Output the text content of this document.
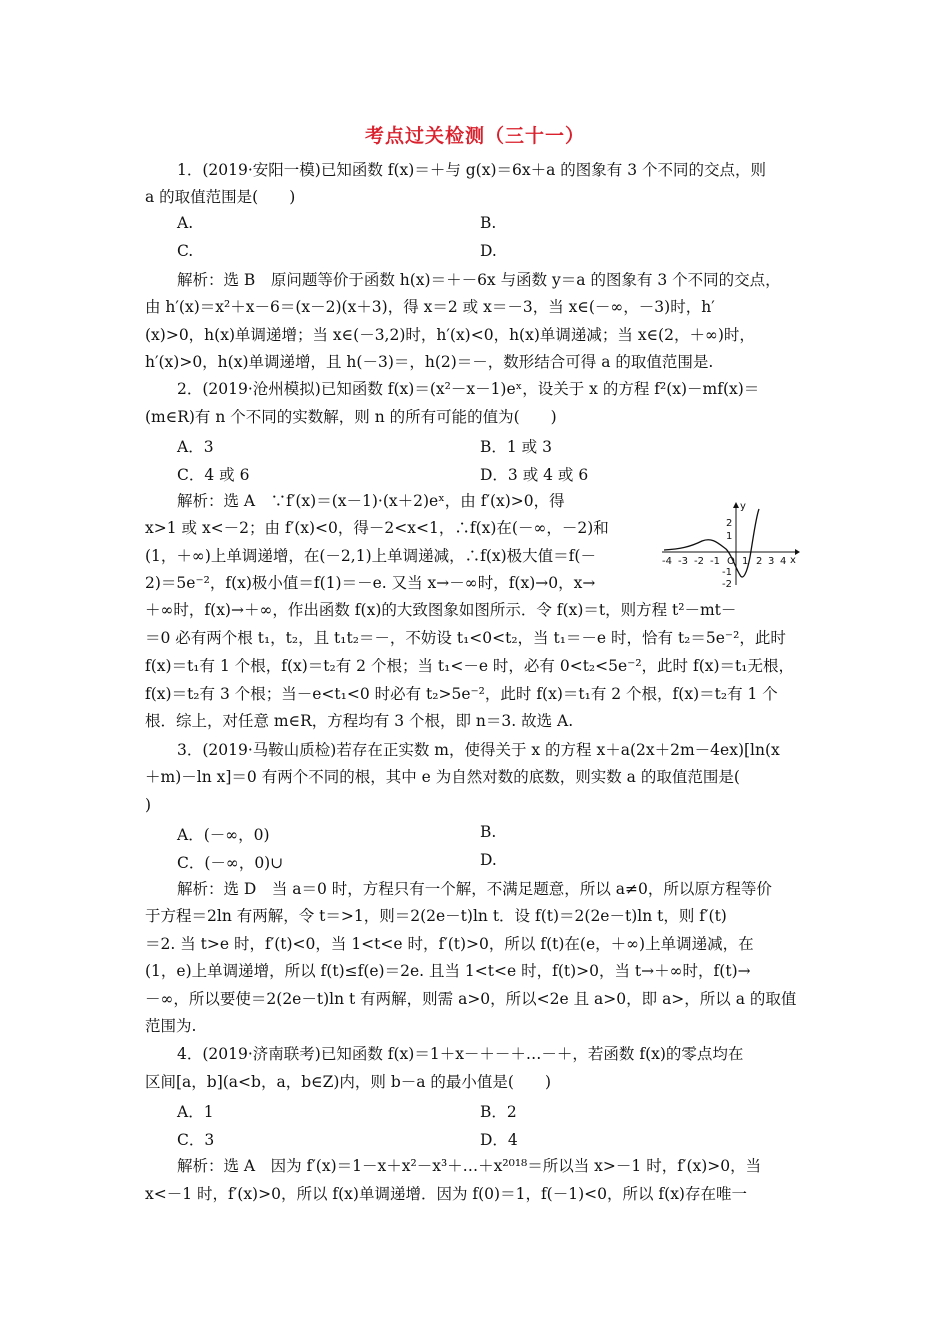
考点过关检测（三十一）
1．(2019·安阳一模)已知函数 f(x)＝＋与 g(x)＝6x＋a 的图象有 3 个不同的交点，则
a 的取值范围是(　　)
A.	B.
C.	D.
解析：选 B　原问题等价于函数 h(x)＝＋－6x 与函数 y＝a 的图象有 3 个不同的交点，
由 h′(x)＝x²＋x－6＝(x－2)(x＋3)，得 x＝2 或 x＝－3，当 x∈(－∞，－3)时，h′
(x)>0，h(x)单调递增；当 x∈(－3,2)时，h′(x)<0，h(x)单调递减；当 x∈(2，＋∞)时，
h′(x)>0，h(x)单调递增，且 h(－3)＝，h(2)＝－，数形结合可得 a 的取值范围是.
2．(2019·沧州模拟)已知函数 f(x)＝(x²－x－1)eˣ，设关于 x 的方程 f²(x)－mf(x)＝
(m∈R)有 n 个不同的实数解，则 n 的所有可能的值为(　　)
A．3	B．1 或 3
C．4 或 6	D．3 或 4 或 6
解析：选 A　∵f′(x)＝(x－1)·(x＋2)eˣ，由 f′(x)>0，得
x>1 或 x<－2；由 f′(x)<0，得－2<x<1，∴f(x)在(－∞，－2)和
(1，＋∞)上单调递增，在(－2,1)上单调递减，∴f(x)极大值＝f(－
2)＝5e⁻²，f(x)极小值＝f(1)＝－e. 又当 x→－∞时，f(x)→0，x→
-4 -3 -2 -1 O 1 2 3 4 x
2
1
-1
-2
y
＋∞时，f(x)→＋∞，作出函数 f(x)的大致图象如图所示．令 f(x)＝t，则方程 t²－mt－
＝0 必有两个根 t₁，t₂，且 t₁t₂＝－，不妨设 t₁<0<t₂，当 t₁＝－e 时，恰有 t₂＝5e⁻²，此时
f(x)＝t₁有 1 个根，f(x)＝t₂有 2 个根；当 t₁<－e 时，必有 0<t₂<5e⁻²，此时 f(x)＝t₁无根，
f(x)＝t₂有 3 个根；当－e<t₁<0 时必有 t₂>5e⁻²，此时 f(x)＝t₁有 2 个根，f(x)＝t₂有 1 个
根．综上，对任意 m∈R，方程均有 3 个根，即 n＝3. 故选 A.
3．(2019·马鞍山质检)若存在正实数 m，使得关于 x 的方程 x＋a(2x＋2m－4ex)[ln(x
＋m)－ln x]＝0 有两个不同的根，其中 e 为自然对数的底数，则实数 a 的取值范围是(
)
A．(－∞，0)	B.
C．(－∞，0)∪	D.
解析：选 D　当 a＝0 时，方程只有一个解，不满足题意，所以 a≠0，所以原方程等价
于方程＝2ln 有两解，令 t＝>1，则＝2(2e－t)ln t．设 f(t)＝2(2e－t)ln t，则 f′(t)
＝2. 当 t>e 时，f′(t)<0，当 1<t<e 时，f′(t)>0，所以 f(t)在(e，＋∞)上单调递减，在
(1，e)上单调递增，所以 f(t)≤f(e)＝2e. 且当 1<t<e 时，f(t)>0，当 t→＋∞时，f(t)→
－∞，所以要使＝2(2e－t)ln t 有两解，则需 a>0，所以<2e 且 a>0，即 a>，所以 a 的取值
范围为.
4．(2019·济南联考)已知函数 f(x)＝1＋x－＋－＋…－＋，若函数 f(x)的零点均在
区间[a，b](a<b，a，b∈Z)内，则 b－a 的最小值是(　　)
A．1	B．2
C．3	D．4
解析：选 A　因为 f′(x)＝1－x＋x²－x³＋…＋x²⁰¹⁸＝所以当 x>－1 时，f′(x)>0，当
x<－1 时，f′(x)>0，所以 f(x)单调递增．因为 f(0)＝1，f(－1)<0，所以 f(x)存在唯一
